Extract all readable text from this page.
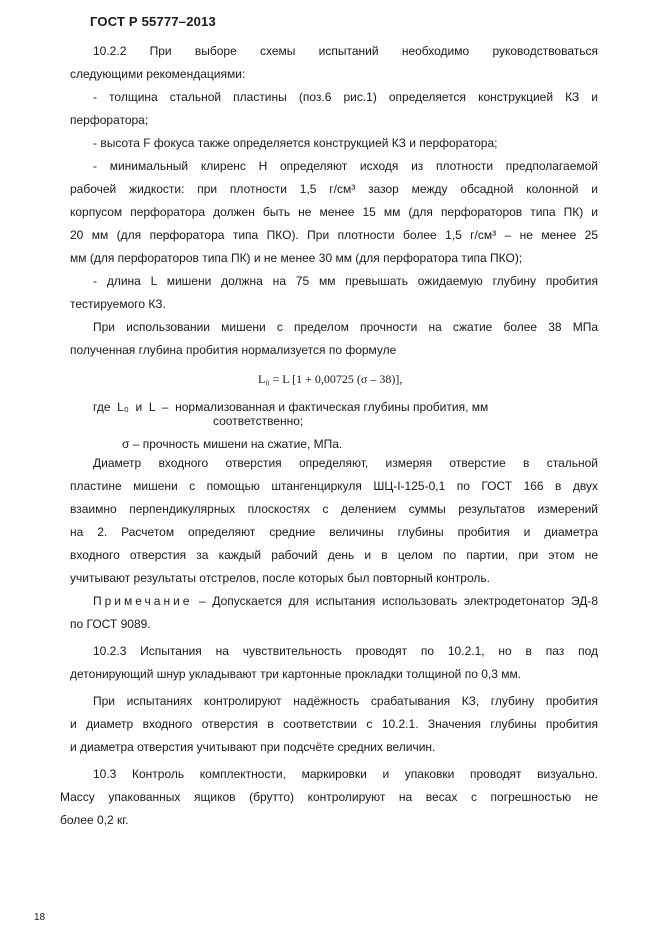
ГОСТ Р 55777–2013
10.2.2 При выборе схемы испытаний необходимо руководствоваться
следующими рекомендациями:
- толщина стальной пластины (поз.6 рис.1) определяется конструкцией КЗ и
перфоратора;
- высота F фокуса также определяется конструкцией КЗ и перфоратора;
- минимальный клиренс H определяют исходя из плотности предполагаемой
рабочей жидкости: при плотности 1,5 г/см³ зазор между обсадной колонной и
корпусом перфоратора должен быть не менее 15 мм (для перфораторов типа ПК) и
20 мм (для перфоратора типа ПКО). При плотности более 1,5 г/см³ – не менее 25
мм (для перфораторов типа ПК) и не менее 30 мм (для перфоратора типа ПКО);
- длина L мишени должна на 75 мм превышать ожидаемую глубину пробития
тестируемого КЗ.
При использовании мишени с пределом прочности на сжатие более 38 МПа
полученная глубина пробития нормализуется по формуле
L₀ = L [1 + 0,00725 (σ – 38)],
где  L₀  и  L  –  нормализованная и фактическая глубины пробития, мм
соответственно;
σ – прочность мишени на сжатие, МПа.
Диаметр входного отверстия определяют, измеряя отверстие в стальной
пластине мишени с помощью штангенциркуля ШЦ-I-125-0,1 по ГОСТ 166 в двух
взаимно перпендикулярных плоскостях с делением суммы результатов измерений
на 2. Расчетом определяют средние величины глубины пробития и диаметра
входного отверстия за каждый рабочий день и в целом по партии, при этом не
учитывают результаты отстрелов, после которых был повторный контроль.
Примечание – Допускается для испытания использовать электродетонатор ЭД-8
по ГОСТ 9089.
10.2.3 Испытания на чувствительность проводят по 10.2.1, но в паз под
детонирующий шнур укладывают три картонные прокладки толщиной по 0,3 мм.
При испытаниях контролируют надёжность срабатывания КЗ, глубину пробития
и диаметр входного отверстия в соответствии с 10.2.1. Значения глубины пробития
и диаметра отверстия учитывают при подсчёте средних величин.
10.3 Контроль комплектности, маркировки и упаковки проводят визуально.
Массу упакованных ящиков (брутто) контролируют на весах с погрешностью не
более 0,2 кг.
18
